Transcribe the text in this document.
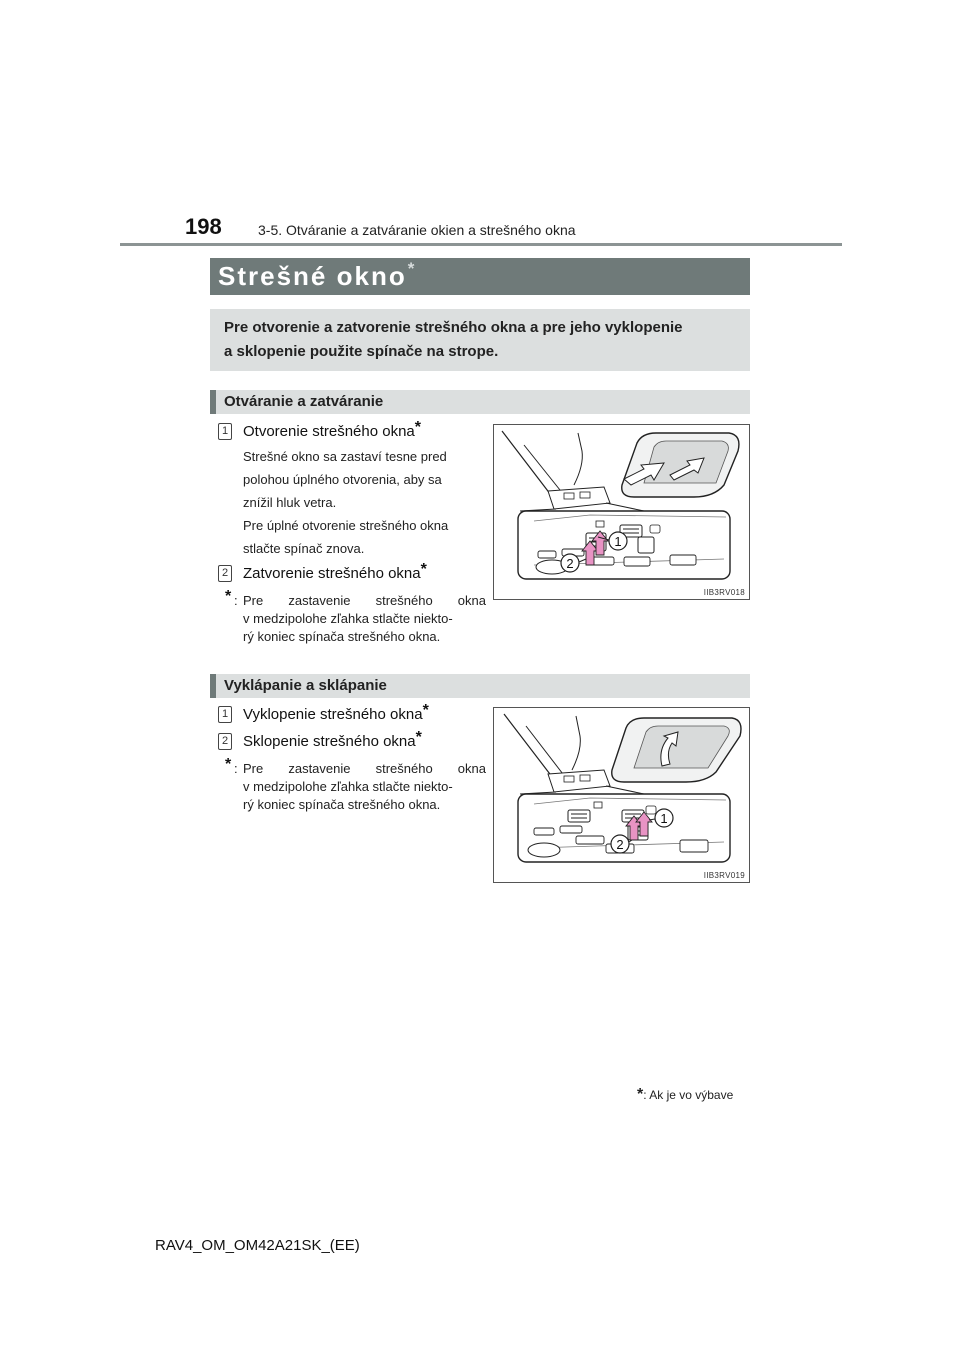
198	3-5. Otváranie a zatváranie okien a strešného okna
Strešné okno*
Pre otvorenie a zatvorenie strešného okna a pre jeho vyklopenie
a sklopenie použite spínače na strope.
Otváranie a zatváranie
1 Otvorenie strešného okna*
Strešné okno sa zastaví tesne pred
polohou úplného otvorenia, aby sa
znížil hluk vetra.
Pre úplné otvorenie strešného okna
stlačte spínač znova.
2 Zatvorenie strešného okna*
* : Pre zastavenie strešného okna
v medzipolohe zľahka stlačte niekto-
rý koniec spínača strešného okna.
1
2
IIB3RV018
Vyklápanie a sklápanie
1 Vyklopenie strešného okna*
2 Sklopenie strešného okna*
* : Pre zastavenie strešného okna
v medzipolohe zľahka stlačte niekto-
rý koniec spínača strešného okna.
1
2
IIB3RV019
*: Ak je vo výbave
RAV4_OM_OM42A21SK_(EE)
